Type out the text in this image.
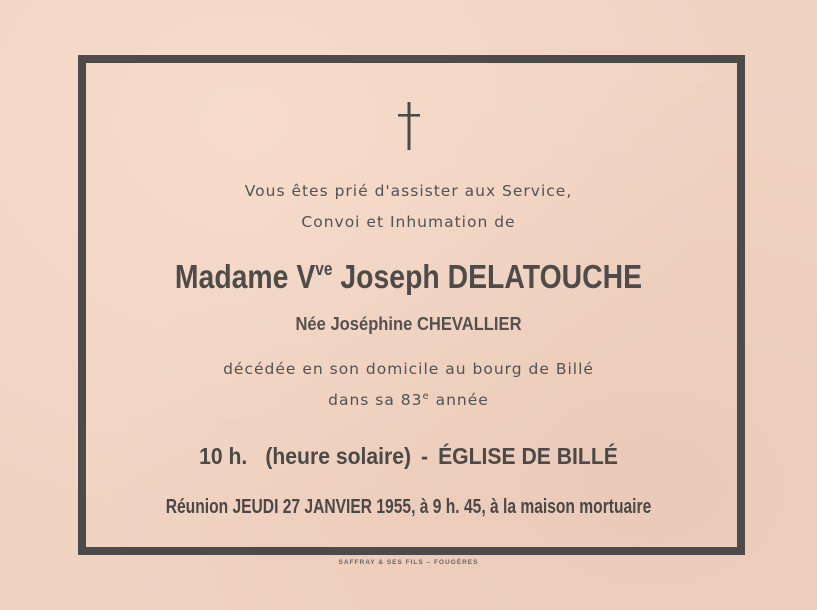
Vous êtes prié d'assister aux Service,
Convoi et Inhumation de
Madame $V^{ve}$ Joseph DELATOUCHE
Née Joséphine CHEVALLIER
décédée en son domicile au bourg de Billé
dans sa 83e année
10 h. (heure solaire) - ÉGLISE DE BILLÉ
Réunion JEUDI 27 JANVIER 1955, à 9 h. 45, à la maison mortuaire
SAFFRAY & SES FILS – FOUGÈRES
